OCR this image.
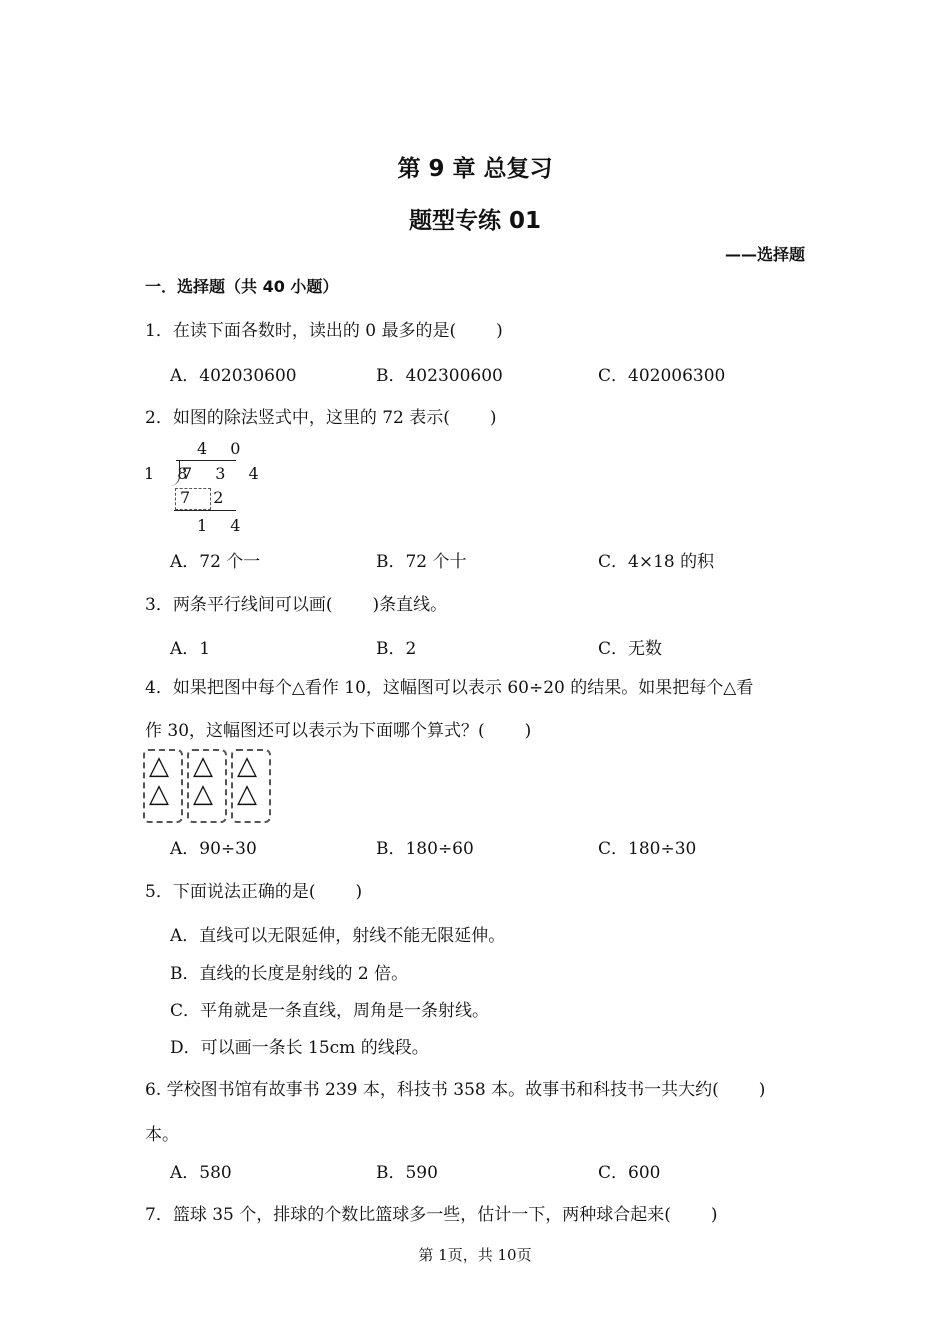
第 9 章 总复习
题型专练 01
——选择题
一．选择题（共 40 小题）
1．在读下面各数时，读出的 0 最多的是( )
A．402030600	B．402300600	C．402006300
2．如图的除法竖式中，这里的 72 表示( )
4 0
1 8
7 3 4
7 2
1 4
A．72 个一	B．72 个十	C．4×18 的积
3．两条平行线间可以画( )条直线。
A．1	B．2	C．无数
4．如果把图中每个△看作 10，这幅图可以表示 60÷20 的结果。如果把每个△看
作 30，这幅图还可以表示为下面哪个算式？( )
△
△
△
△
△
△
A．90÷30	B．180÷60	C．180÷30
5．下面说法正确的是( )
A．直线可以无限延伸，射线不能无限延伸。
B．直线的长度是射线的 2 倍。
C．平角就是一条直线，周角是一条射线。
D．可以画一条长 15cm 的线段。
6. 学校图书馆有故事书 239 本，科技书 358 本。故事书和科技书一共大约( )
本。
A．580	B．590	C．600
7．篮球 35 个，排球的个数比篮球多一些，估计一下，两种球合起来( )
第 1页，共 10页
